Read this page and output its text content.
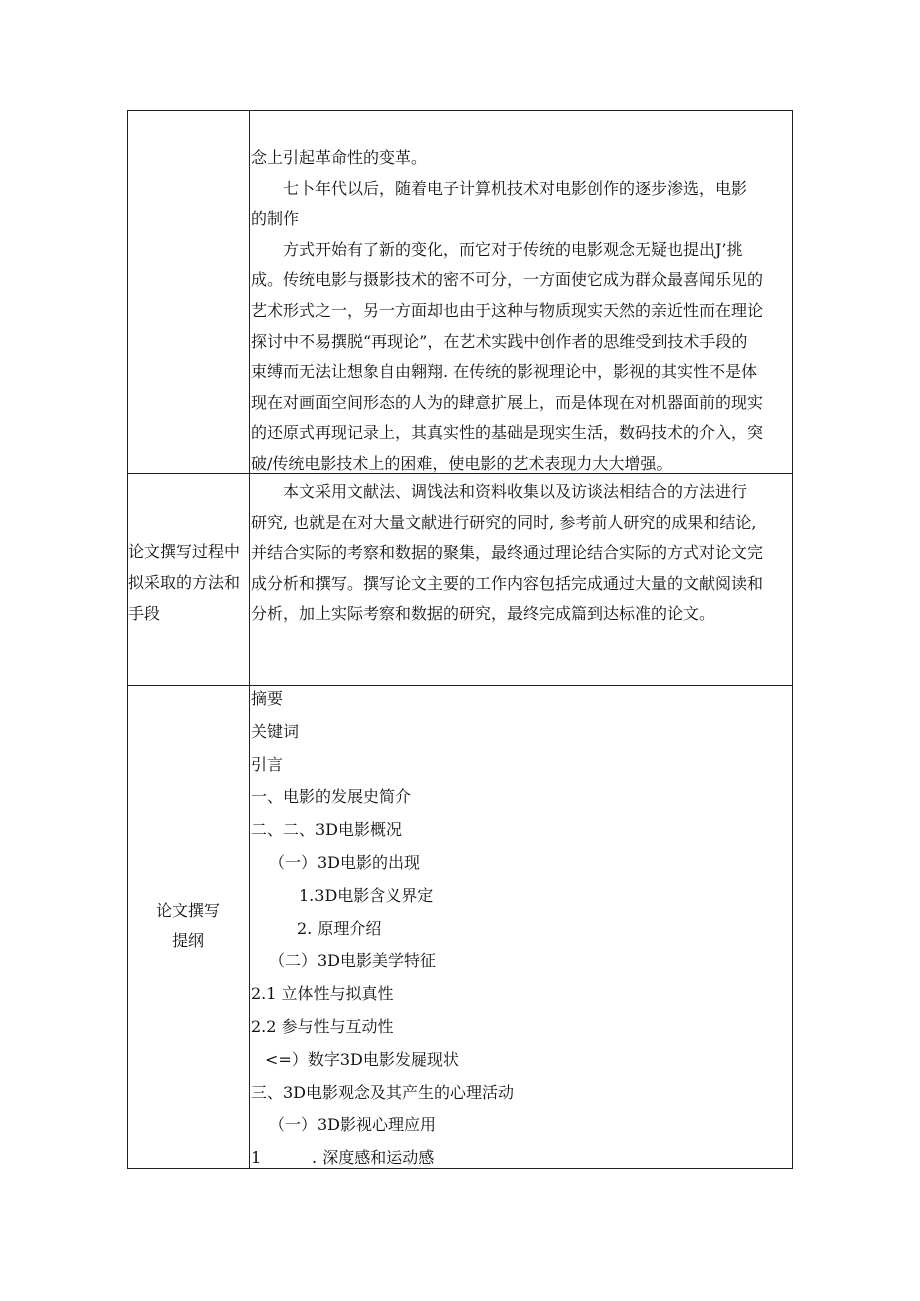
念上引起革命性的变革。

七卜年代以后，随着电子计算机技术对电影创作的逐步渗选，电影

的制作

方式开始有了新的变化，而它对于传统的电影观念无疑也提出J’挑

成。传统电影与摄影技术的密不可分，一方面使它成为群众最喜闻乐见的

艺术形式之一，另一方面却也由于这种与物质现实天然的亲近性而在理论

探讨中不易撰脱“再现论”，在艺术实践中创作者的思维受到技术手段的

束缚而无法让想象自由翱翔. 在传统的影视理论中，影视的其实性不是体

现在对画面空间形态的人为的肆意扩展上，而是体现在对机器面前的现实

的还原式再现记录上，其真实性的基础是现实生活，数码技术的介入，突

破/传统电影技术上的困难，使电影的艺术表现力大大增强。

论文撰写过程中拟采取的方法和手段

本文采用文献法、调饯法和资料收集以及访谈法相结合的方法进行

研究, 也就是在对大量文献进行研究的同时, 参考前人研究的成果和结论,

并结合实际的考察和数据的聚集，最终通过理论结合实际的方式对论文完

成分析和撰写。撰写论文主要的工作内容包括完成通过大量的文献阅读和

分析，加上实际考察和数据的研究，最终完成篇到达标准的论文。

论文撰写
提纲
摘要
关键词
引言
一、电影的发展史简介
二、二、3D电影概况
（一）3D电影的出现
1.3D电影含义界定
2. 原理介绍
（二）3D电影美学特征
2.1 立体性与拟真性
2.2 参与性与互动性
<=）数字3D电影发屣现状
三、3D电影观念及其产生的心理活动
（一）3D影视心理应用
1          . 深度感和运动感
